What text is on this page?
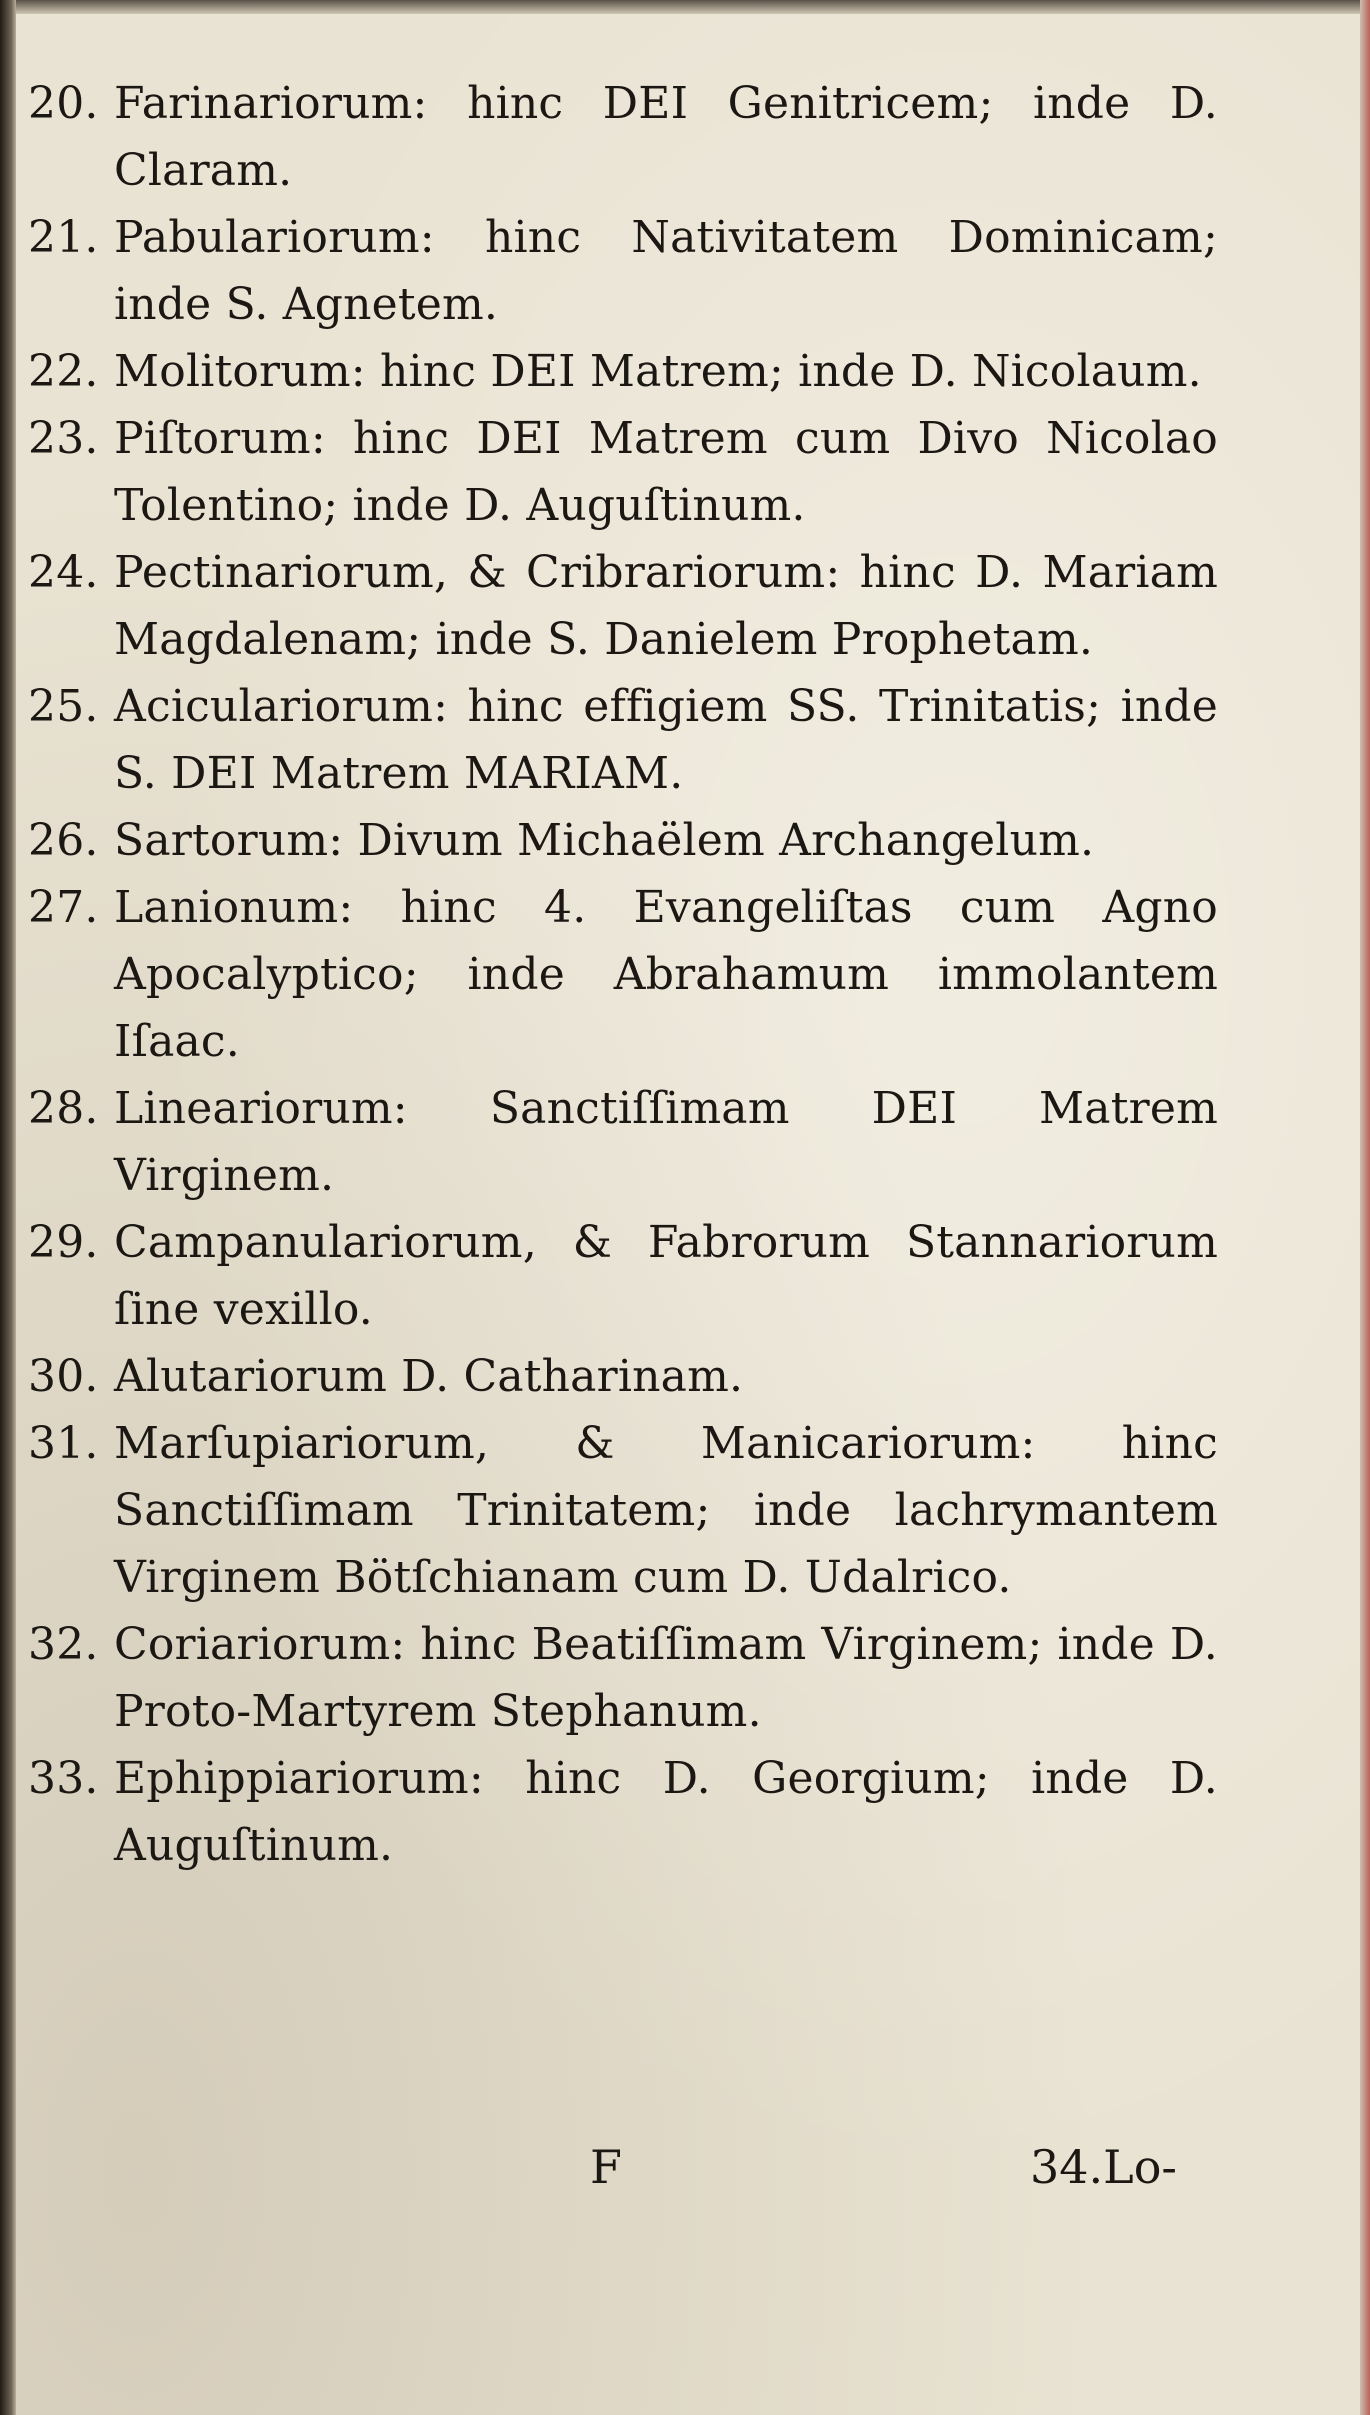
20. Farinariorum: hinc DEI Genitricem; inde D. Claram.
21. Pabulariorum: hinc Nativitatem Dominicam; inde S. Agnetem.
22. Molitorum: hinc DEI Matrem; inde D. Nicolaum.
23. Piſtorum: hinc DEI Matrem cum Divo Nicolao Tolentino; inde D. Auguſtinum.
24. Pectinariorum, & Cribrariorum: hinc D. Mariam Magdalenam; inde S. Danielem Prophetam.
25. Aciculariorum: hinc effigiem SS. Trinitatis; inde S. DEI Matrem MARIAM.
26. Sartorum: Divum Michaëlem Archangelum.
27. Lanionum: hinc 4. Evangeliſtas cum Agno Apocalyptico; inde Abrahamum immolantem Iſaac.
28. Lineariorum: Sanctiſſimam DEI Matrem Virginem.
29. Campanulariorum, & Fabrorum Stannariorum ſine vexillo.
30. Alutariorum D. Catharinam.
31. Marſupiariorum, & Manicariorum: hinc Sanctiſſimam Trinitatem; inde lachrymantem Virginem Bötſchianam cum D. Udalrico.
32. Coriariorum: hinc Beatiſſimam Virginem; inde D. Proto-Martyrem Stephanum.
33. Ephippiariorum: hinc D. Georgium; inde D. Auguſtinum.
F	34.Lo-
